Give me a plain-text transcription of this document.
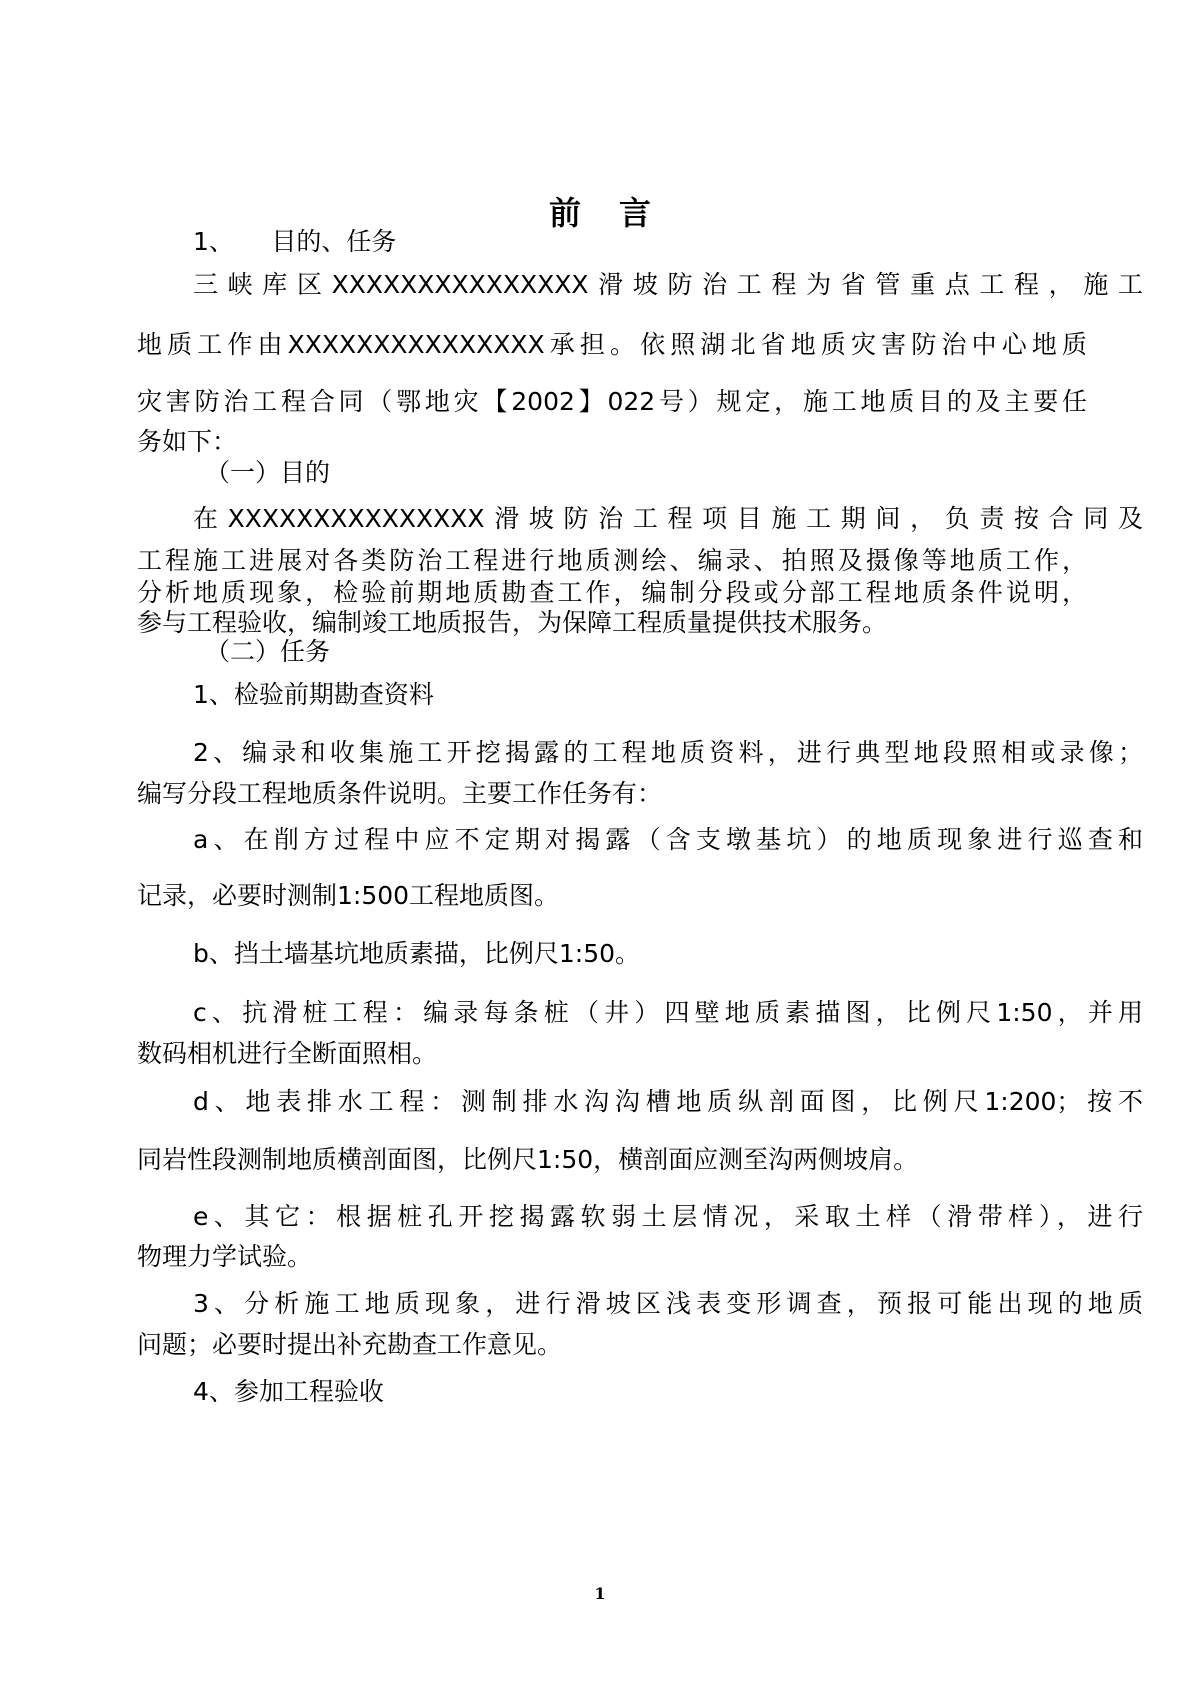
前言

1、　　目的、任务

三峡库区XXXXXXXXXXXXXXX滑坡防治工程为省管重点工程，施工

地质工作由XXXXXXXXXXXXXXX承担。依照湖北省地质灾害防治中心地质

灾害防治工程合同（鄂地灾【2002】022号）规定，施工地质目的及主要任

务如下：

（一）目的

在XXXXXXXXXXXXXXX滑坡防治工程项目施工期间，负责按合同及

工程施工进展对各类防治工程进行地质测绘、编录、拍照及摄像等地质工作，

分析地质现象，检验前期地质勘查工作，编制分段或分部工程地质条件说明，

参与工程验收，编制竣工地质报告，为保障工程质量提供技术服务。

（二）任务

1、检验前期勘查资料

2、编录和收集施工开挖揭露的工程地质资料，进行典型地段照相或录像；

编写分段工程地质条件说明。主要工作任务有：

a、在削方过程中应不定期对揭露（含支墩基坑）的地质现象进行巡查和

记录，必要时测制1:500工程地质图。

b、挡土墙基坑地质素描，比例尺1:50。

c、抗滑桩工程：编录每条桩（井）四壁地质素描图，比例尺1:50，并用

数码相机进行全断面照相。

d、地表排水工程：测制排水沟沟槽地质纵剖面图，比例尺1:200；按不

同岩性段测制地质横剖面图，比例尺1:50，横剖面应测至沟两侧坡肩。

e、其它：根据桩孔开挖揭露软弱土层情况，采取土样（滑带样），进行

物理力学试验。

3、分析施工地质现象，进行滑坡区浅表变形调查，预报可能出现的地质

问题；必要时提出补充勘查工作意见。

4、参加工程验收

1
